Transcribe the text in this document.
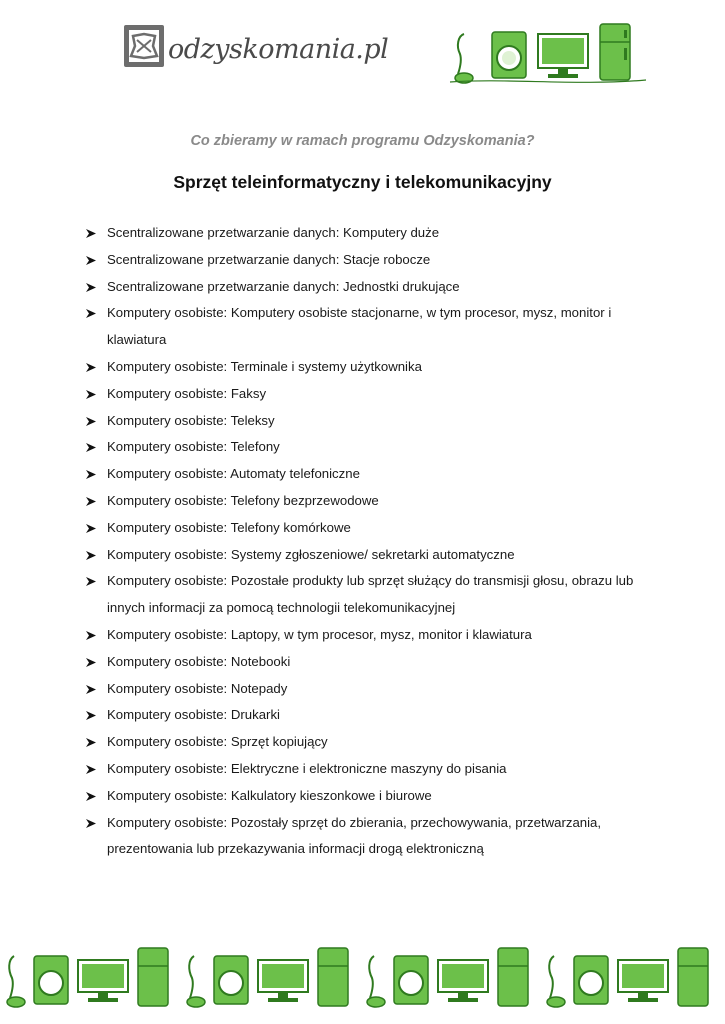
odzyskomania.pl
Co zbieramy w ramach programu Odzyskomania?
Sprzęt teleinformatyczny i telekomunikacyjny
Scentralizowane przetwarzanie danych: Komputery duże
Scentralizowane przetwarzanie danych: Stacje robocze
Scentralizowane przetwarzanie danych: Jednostki drukujące
Komputery osobiste: Komputery osobiste stacjonarne, w tym procesor, mysz, monitor i klawiatura
Komputery osobiste: Terminale i systemy użytkownika
Komputery osobiste: Faksy
Komputery osobiste: Teleksy
Komputery osobiste: Telefony
Komputery osobiste: Automaty telefoniczne
Komputery osobiste: Telefony bezprzewodowe
Komputery osobiste: Telefony komórkowe
Komputery osobiste: Systemy zgłoszeniowe/ sekretarki automatyczne
Komputery osobiste: Pozostałe produkty lub sprzęt służący do transmisji głosu, obrazu lub innych informacji za pomocą technologii telekomunikacyjnej
Komputery osobiste: Laptopy, w tym procesor, mysz, monitor i klawiatura
Komputery osobiste: Notebooki
Komputery osobiste: Notepady
Komputery osobiste: Drukarki
Komputery osobiste: Sprzęt kopiujący
Komputery osobiste: Elektryczne i elektroniczne maszyny do pisania
Komputery osobiste: Kalkulatory kieszonkowe i biurowe
Komputery osobiste: Pozostały sprzęt do zbierania, przechowywania, przetwarzania, prezentowania lub przekazywania informacji drogą elektroniczną
